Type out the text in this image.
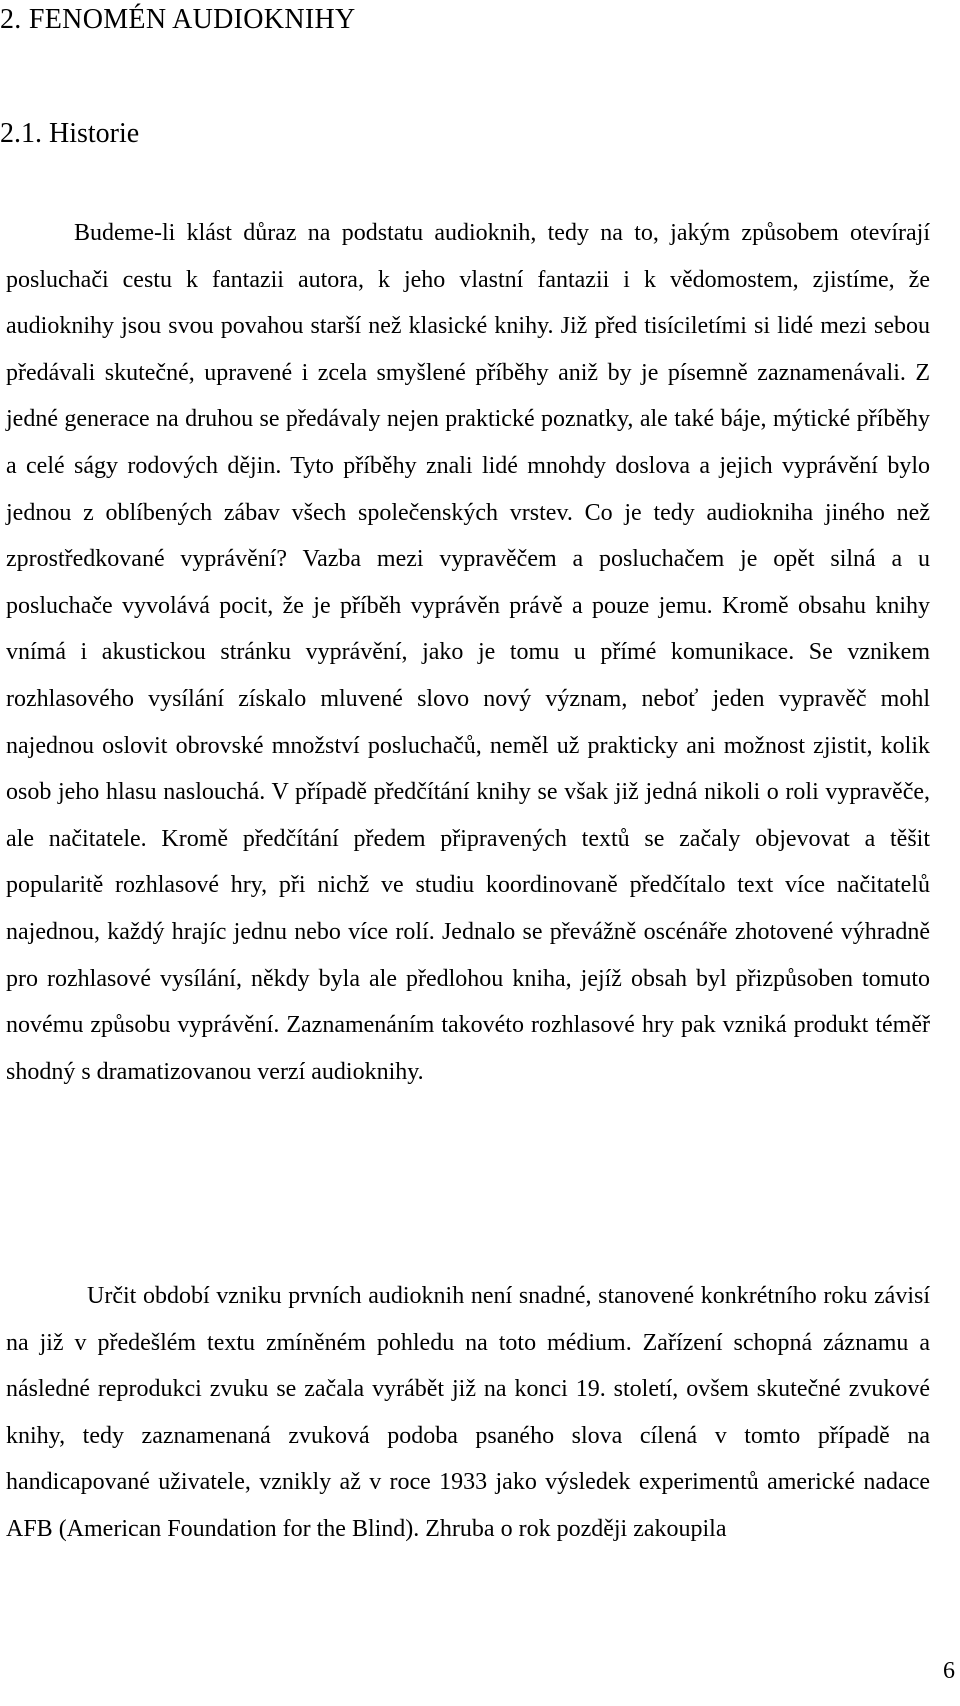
2. FENOMÉN AUDIOKNIHY
2.1. Historie

Budeme-li klást důraz na podstatu audioknih, tedy na to, jakým způsobem otevírají posluchači cestu k fantazii autora, k jeho vlastní fantazii i k vědomostem, zjistíme, že audioknihy jsou svou povahou starší než klasické knihy. Již před tisíciletími si lidé mezi sebou předávali skutečné, upravené i zcela smyšlené příběhy aniž by je písemně zaznamenávali. Z jedné generace na druhou se předávaly nejen praktické poznatky, ale také báje, mýtické příběhy a celé ságy rodových dějin. Tyto příběhy znali lidé mnohdy doslova a jejich vyprávění bylo jednou z oblíbených zábav všech společenských vrstev. Co je tedy audiokniha jiného než zprostředkované vyprávění? Vazba mezi vypravěčem a posluchačem je opět silná a u posluchače vyvolává pocit, že je příběh vyprávěn právě a pouze jemu. Kromě obsahu knihy vnímá i akustickou stránku vyprávění, jako je tomu u přímé komunikace. Se vznikem rozhlasového vysílání získalo mluvené slovo nový význam, neboť jeden vypravěč mohl najednou oslovit obrovské množství posluchačů, neměl už prakticky ani možnost zjistit, kolik osob jeho hlasu naslouchá. V případě předčítání knihy se však již jedná nikoli o roli vypravěče, ale načitatele. Kromě předčítání předem připravených textů se začaly objevovat a těšit popularitě rozhlasové hry, při nichž ve studiu koordinovaně předčítalo text více načitatelů najednou, každý hrajíc jednu nebo více rolí. Jednalo se převážně oscénáře zhotovené výhradně pro rozhlasové vysílání, někdy byla ale předlohou kniha, jejíž obsah byl přizpůsoben tomuto novému způsobu vyprávění. Zaznamenáním takovéto rozhlasové hry pak vzniká produkt téměř shodný s dramatizovanou verzí audioknihy.

Určit období vzniku prvních audioknih není snadné, stanovené konkrétního roku závisí na již v předešlém textu zmíněném pohledu na toto médium. Zařízení schopná záznamu a následné reprodukci zvuku se začala vyrábět již na konci 19. století, ovšem skutečné zvukové knihy, tedy zaznamenaná zvuková podoba psaného slova cílená v tomto případě na handicapované uživatele, vznikly až v roce 1933 jako výsledek experimentů americké nadace AFB (American Foundation for the Blind). Zhruba o rok později zakoupila

6
